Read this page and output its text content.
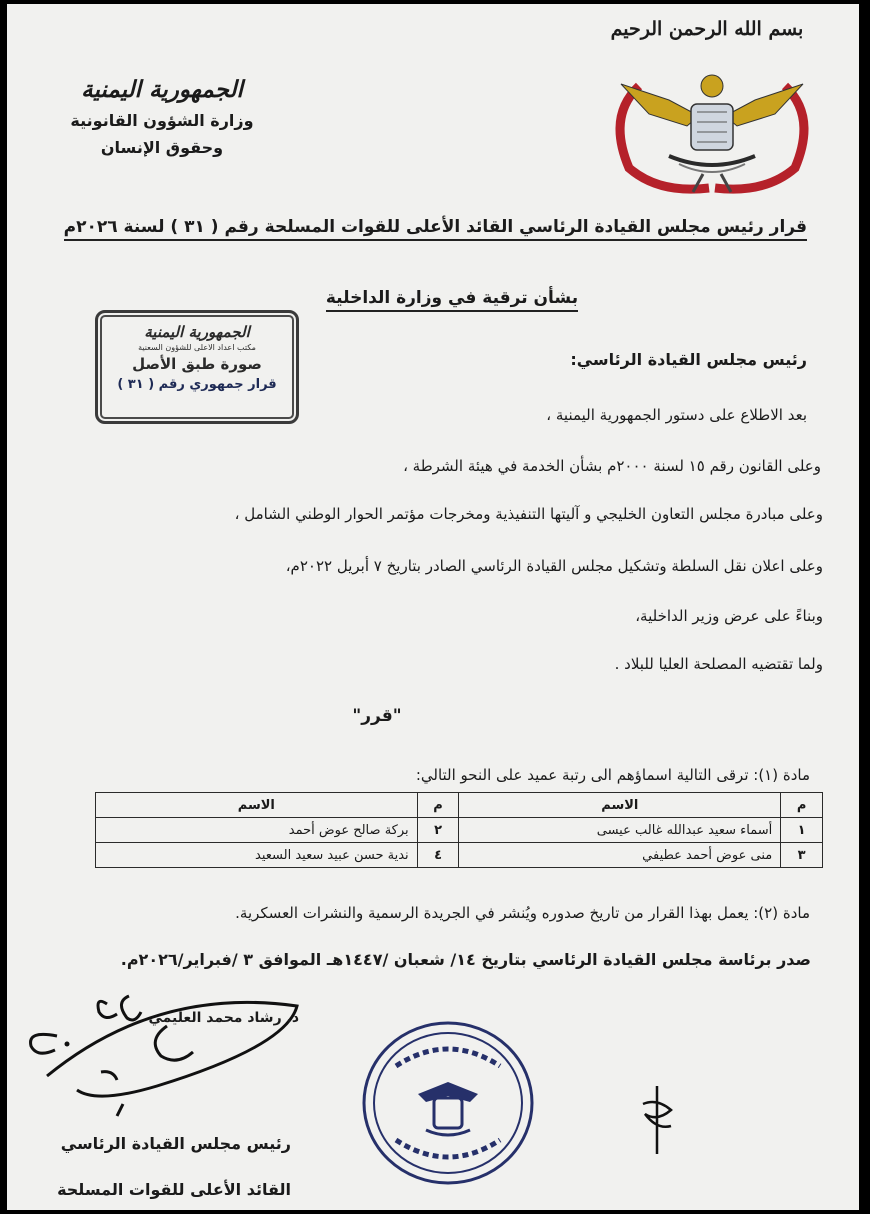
بسم الله الرحمن الرحيم
الجمهورية اليمنية
وزارة الشؤون القانونية
وحقوق الإنسان
قرار رئيس مجلس القيادة الرئاسي القائد الأعلى للقوات المسلحة رقم ( ٣١ ) لسنة ٢٠٢٦م
بشأن ترقية في وزارة الداخلية
الجمهورية اليمنية
مكتب اعداد الاعلى للشؤون السعنية
صورة طبق الأصل
قرار جمهوري رقم ( ٣١ )
رئيس مجلس القيادة الرئاسي:
بعد الاطلاع على دستور الجمهورية اليمنية ،
وعلى القانون رقم ١٥ لسنة ٢٠٠٠م بشأن الخدمة في هيئة الشرطة ،
وعلى مبادرة مجلس التعاون الخليجي و آليتها التنفيذية ومخرجات مؤتمر الحوار الوطني الشامل ،
وعلى اعلان نقل السلطة وتشكيل مجلس القيادة الرئاسي الصادر بتاريخ ٧ أبريل ٢٠٢٢م،
وبناءً على عرض وزير الداخلية،
ولما تقتضيه المصلحة العليا للبلاد .
"قرر"
مادة (١): ترقى التالية اسماؤهم الى رتبة عميد على النحو التالي:
م	الاسم	م	الاسم
١	أسماء سعيد عبدالله غالب عيسى	٢	بركة صالح عوض أحمد
٣	منى عوض أحمد عطيفي	٤	ندية حسن عبيد سعيد السعيد
مادة (٢): يعمل بهذا القرار من تاريخ صدوره ويُنشر في الجريدة الرسمية والنشرات العسكرية.
صدر برئاسة مجلس القيادة الرئاسي بتاريخ ١٤/ شعبان /١٤٤٧هـ الموافق ٣ /فبراير/٢٠٢٦م.
د. رشاد محمد العليمي
رئيس مجلس القيادة الرئاسي
القائد الأعلى للقوات المسلحة
